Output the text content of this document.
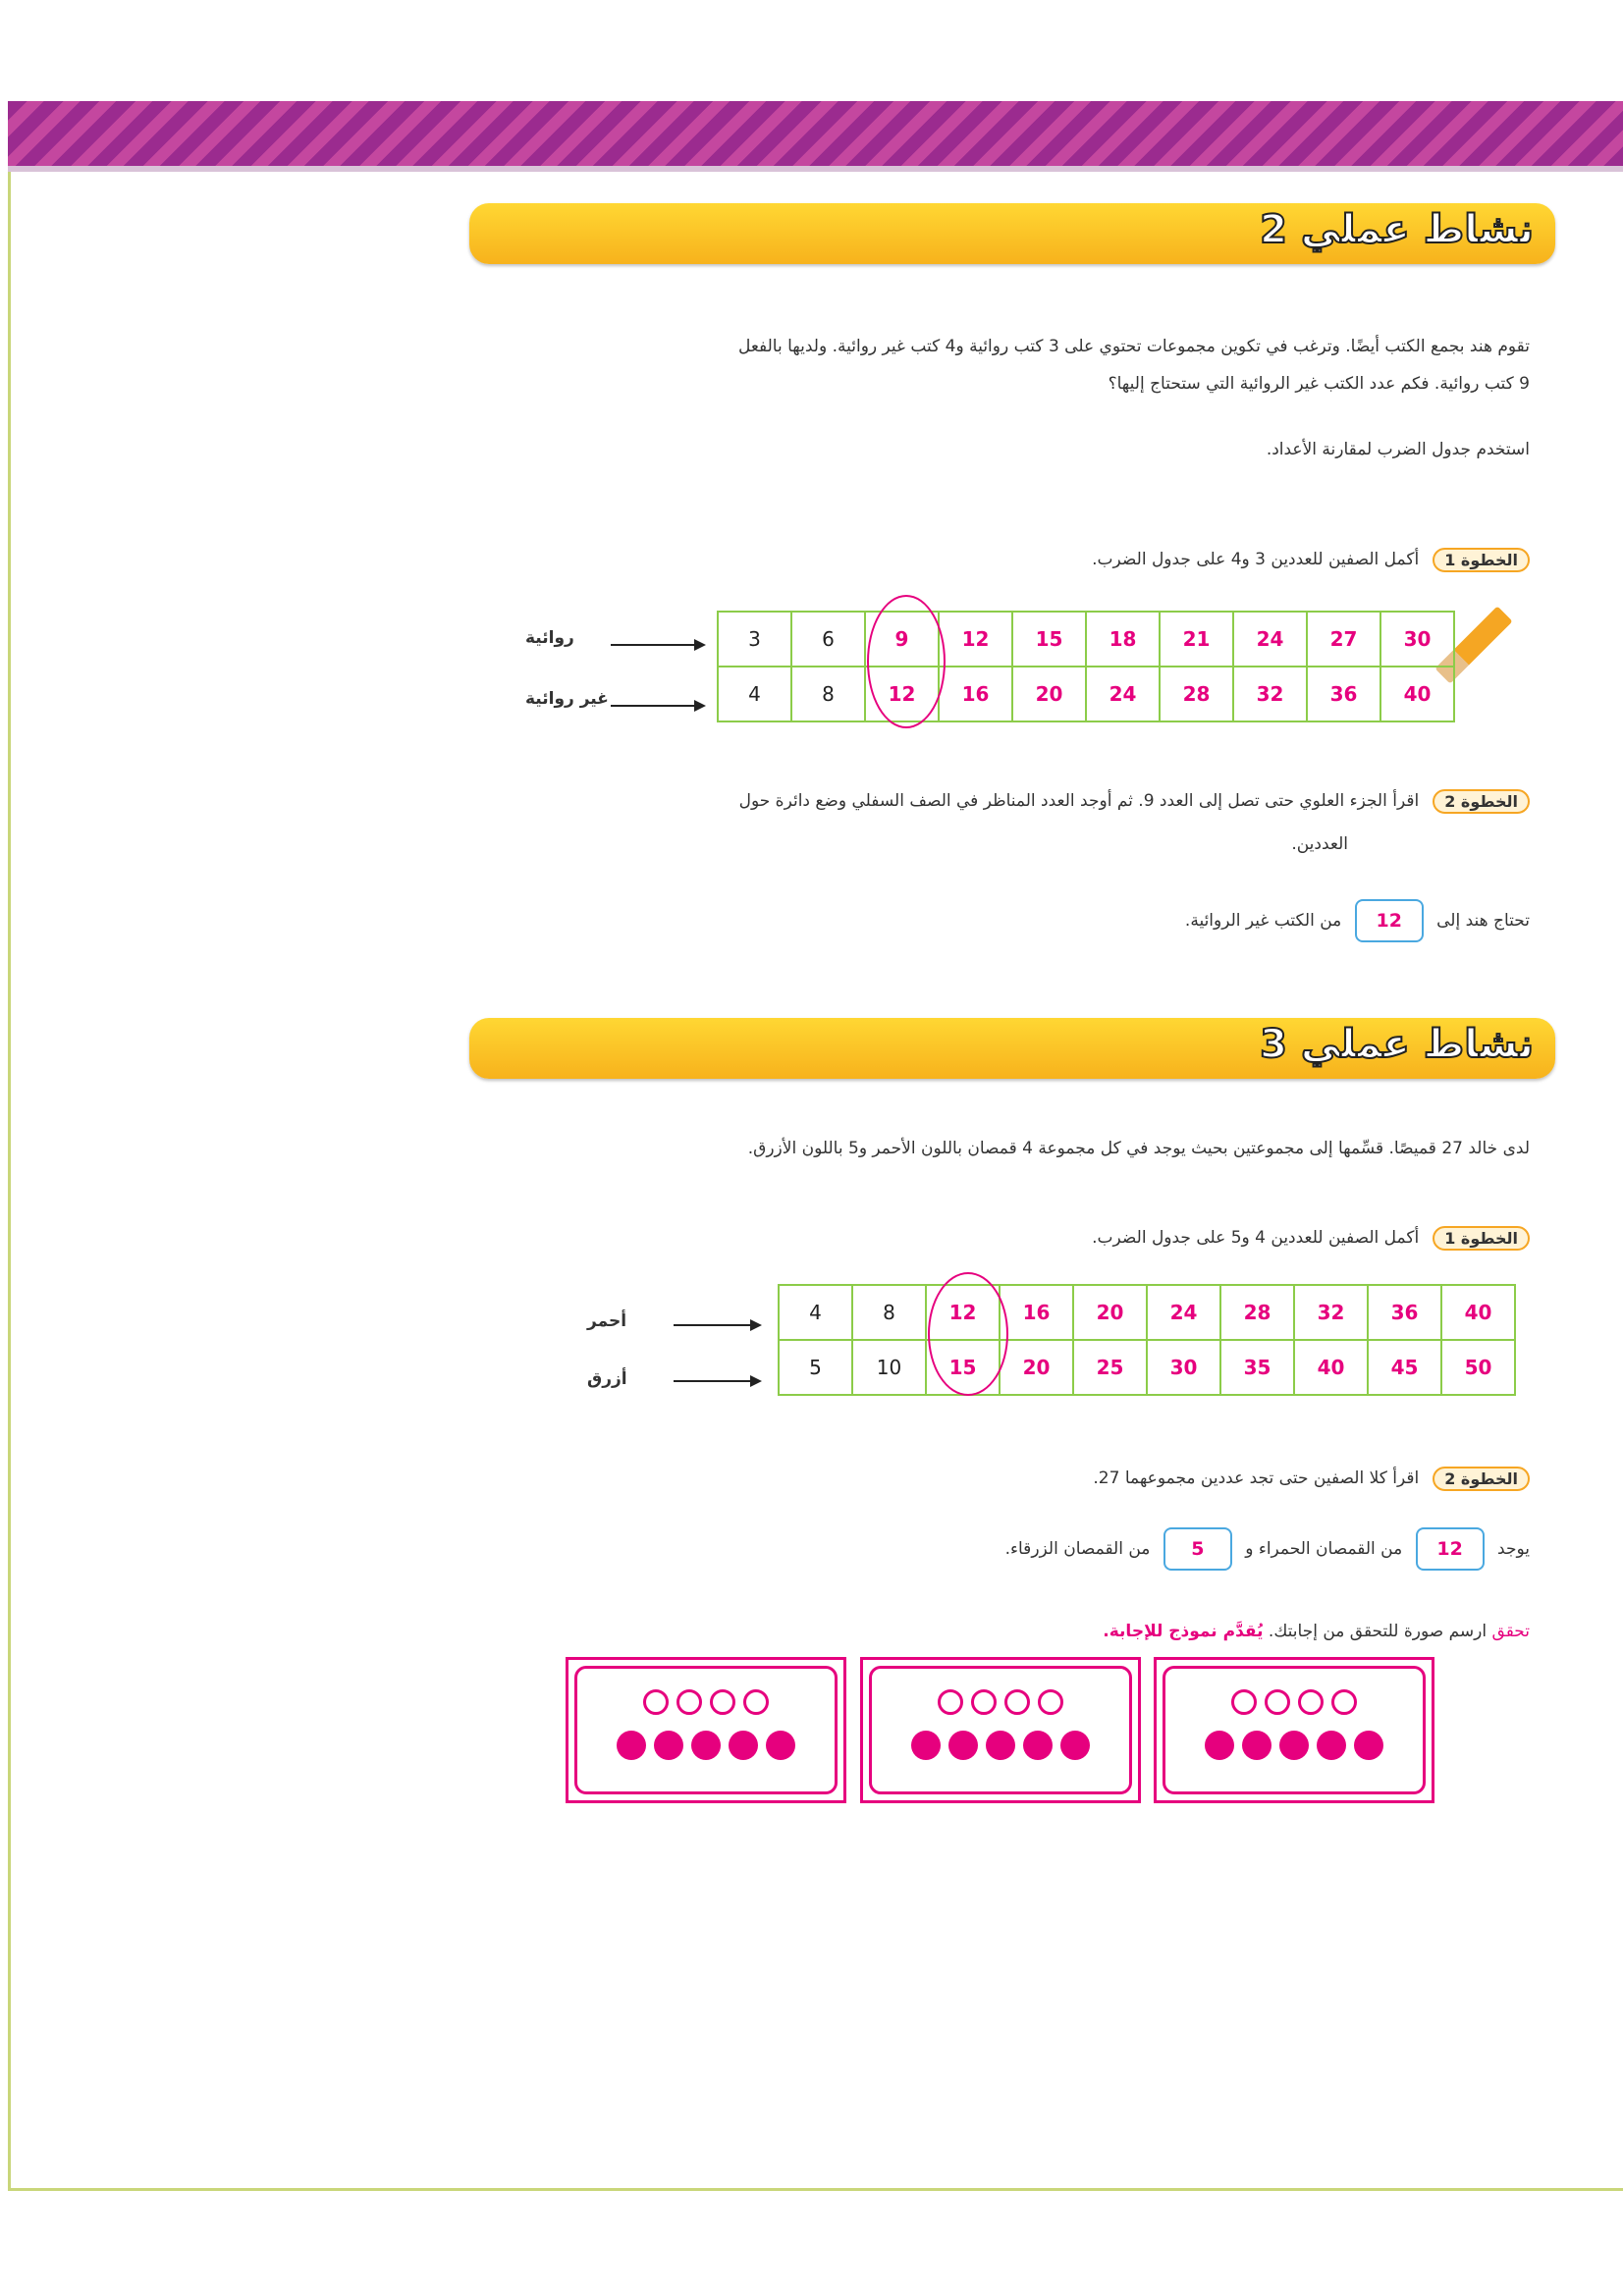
نشاط عملي 2
تقوم هند بجمع الكتب أيضًا. وترغب في تكوين مجموعات تحتوي على 3 كتب روائية و4 كتب غير روائية. ولديها بالفعل
9 كتب روائية. فكم عدد الكتب غير الروائية التي ستحتاج إليها؟
استخدم جدول الضرب لمقارنة الأعداد.
الخطوة 1
أكمل الصفين للعددين 3 و4 على جدول الضرب.
روائية
غير روائية
3	6	9	12	15	18	21	24	27	30
4	8	12	16	20	24	28	32	36	40
الخطوة 2
اقرأ الجزء العلوي حتى تصل إلى العدد 9. ثم أوجد العدد المناظر في الصف السفلي وضع دائرة حول
العددين.
تحتاج هند إلى 12 من الكتب غير الروائية.
نشاط عملي 3
لدى خالد 27 قميصًا. قسِّمها إلى مجموعتين بحيث يوجد في كل مجموعة 4 قمصان باللون الأحمر و5 باللون الأزرق.
الخطوة 1
أكمل الصفين للعددين 4 و5 على جدول الضرب.
أحمر
أزرق
4	8	12	16	20	24	28	32	36	40
5	10	15	20	25	30	35	40	45	50
الخطوة 2
اقرأ كلا الصفين حتى تجد عددين مجموعهما 27.
يوجد 12 من القمصان الحمراء و 5 من القمصان الزرقاء.
تحقق ارسم صورة للتحقق من إجابتك. يُقدَّم نموذج للإجابة.
